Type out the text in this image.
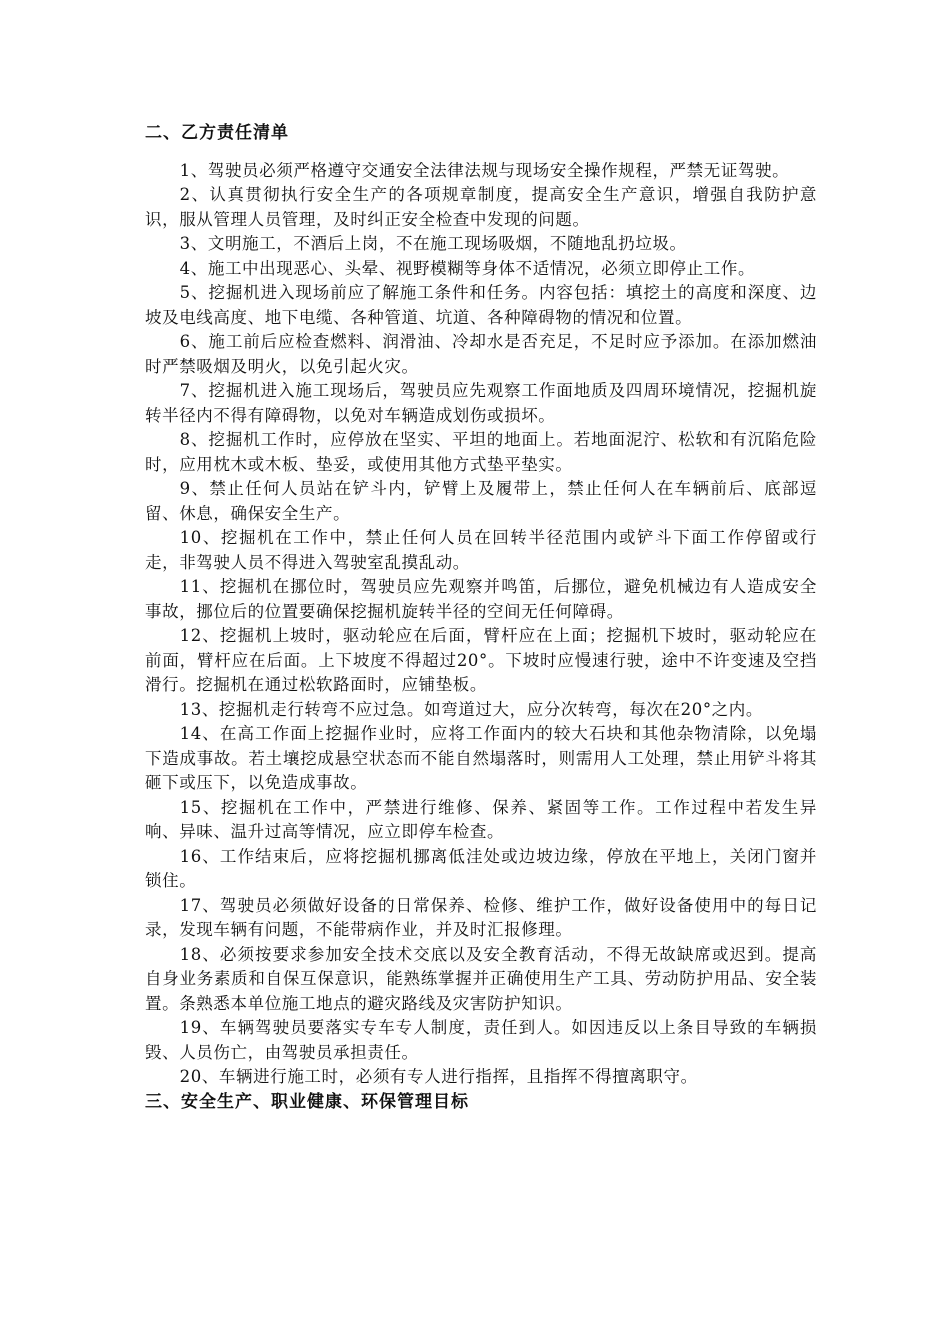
二、乙方责任清单

1、驾驶员必须严格遵守交通安全法律法规与现场安全操作规程，严禁无证驾驶。

2、认真贯彻执行安全生产的各项规章制度，提高安全生产意识，增强自我防护意识，服从管理人员管理，及时纠正安全检查中发现的问题。

3、文明施工，不酒后上岗，不在施工现场吸烟，不随地乱扔垃圾。

4、施工中出现恶心、头晕、视野模糊等身体不适情况，必须立即停止工作。

5、挖掘机进入现场前应了解施工条件和任务。内容包括：填挖土的高度和深度、边坡及电线高度、地下电缆、各种管道、坑道、各种障碍物的情况和位置。

6、施工前后应检查燃料、润滑油、冷却水是否充足，不足时应予添加。在添加燃油时严禁吸烟及明火，以免引起火灾。

7、挖掘机进入施工现场后，驾驶员应先观察工作面地质及四周环境情况，挖掘机旋转半径内不得有障碍物，以免对车辆造成划伤或损坏。

8、挖掘机工作时，应停放在坚实、平坦的地面上。若地面泥泞、松软和有沉陷危险时，应用枕木或木板、垫妥，或使用其他方式垫平垫实。

9、禁止任何人员站在铲斗内，铲臂上及履带上，禁止任何人在车辆前后、底部逗留、休息，确保安全生产。

10、挖掘机在工作中，禁止任何人员在回转半径范围内或铲斗下面工作停留或行走，非驾驶人员不得进入驾驶室乱摸乱动。

11、挖掘机在挪位时，驾驶员应先观察并鸣笛，后挪位，避免机械边有人造成安全事故，挪位后的位置要确保挖掘机旋转半径的空间无任何障碍。

12、挖掘机上坡时，驱动轮应在后面，臂杆应在上面；挖掘机下坡时，驱动轮应在前面，臂杆应在后面。上下坡度不得超过20°。下坡时应慢速行驶，途中不许变速及空挡滑行。挖掘机在通过松软路面时，应铺垫板。

13、挖掘机走行转弯不应过急。如弯道过大，应分次转弯，每次在20°之内。

14、在高工作面上挖掘作业时，应将工作面内的较大石块和其他杂物清除，以免塌下造成事故。若土壤挖成悬空状态而不能自然塌落时，则需用人工处理，禁止用铲斗将其砸下或压下，以免造成事故。

15、挖掘机在工作中，严禁进行维修、保养、紧固等工作。工作过程中若发生异响、异味、温升过高等情况，应立即停车检查。

16、工作结束后，应将挖掘机挪离低洼处或边坡边缘，停放在平地上，关闭门窗并锁住。

17、驾驶员必须做好设备的日常保养、检修、维护工作，做好设备使用中的每日记录，发现车辆有问题，不能带病作业，并及时汇报修理。

18、必须按要求参加安全技术交底以及安全教育活动，不得无故缺席或迟到。提高自身业务素质和自保互保意识，能熟练掌握并正确使用生产工具、劳动防护用品、安全装置。条熟悉本单位施工地点的避灾路线及灾害防护知识。

19、车辆驾驶员要落实专车专人制度，责任到人。如因违反以上条目导致的车辆损毁、人员伤亡，由驾驶员承担责任。

20、车辆进行施工时，必须有专人进行指挥，且指挥不得擅离职守。

三、安全生产、职业健康、环保管理目标
